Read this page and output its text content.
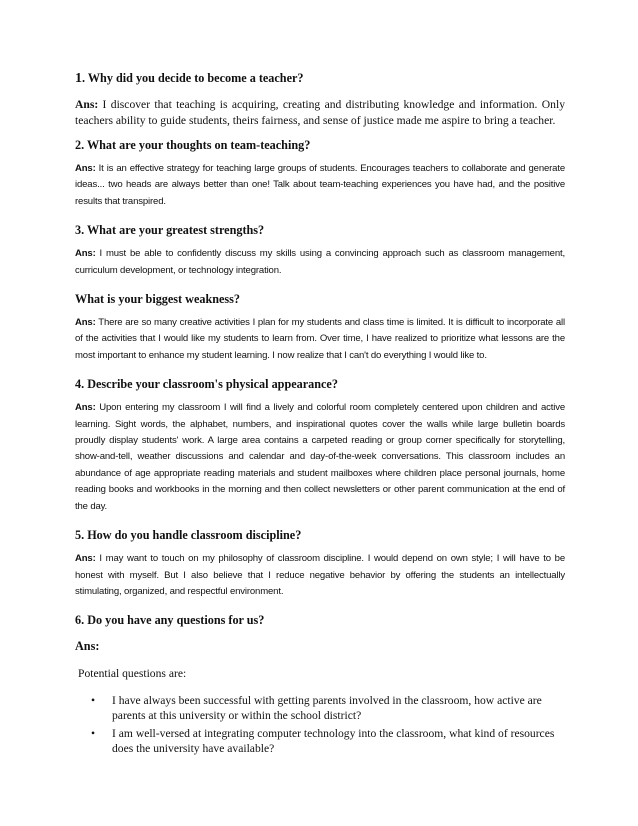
1. Why did you decide to become a teacher?

Ans: I discover that teaching is acquiring, creating and distributing knowledge and information. Only teachers ability to guide students, theirs fairness, and sense of justice made me aspire to bring a teacher.

2. What are your thoughts on team-teaching?

Ans: It is an effective strategy for teaching large groups of students. Encourages teachers to collaborate and generate ideas... two heads are always better than one! Talk about team-teaching experiences you have had, and the positive results that transpired.

3. What are your greatest strengths?

Ans: I must be able to confidently discuss my skills using a convincing approach such as classroom management, curriculum development, or technology integration.

What is your biggest weakness?

Ans: There are so many creative activities I plan for my students and class time is limited. It is difficult to incorporate all of the activities that I would like my students to learn from. Over time, I have realized to prioritize what lessons are the most important to enhance my student learning. I now realize that I can't do everything I would like to.

4. Describe your classroom's physical appearance?

Ans: Upon entering my classroom I will find a lively and colorful room completely centered upon children and active learning. Sight words, the alphabet, numbers, and inspirational quotes cover the walls while large bulletin boards proudly display students' work. A large area contains a carpeted reading or group corner specifically for storytelling, show-and-tell, weather discussions and calendar and day-of-the-week conversations. This classroom includes an abundance of age appropriate reading materials and student mailboxes where children place personal journals, home reading books and workbooks in the morning and then collect newsletters or other parent communication at the end of the day.

5. How do you handle classroom discipline?

Ans: I may want to touch on my philosophy of classroom discipline. I would depend on own style; I will have to be honest with myself. But I also believe that I reduce negative behavior by offering the students an intellectually stimulating, organized, and respectful environment.

6. Do you have any questions for us?

Ans:

Potential questions are:

• I have always been successful with getting parents involved in the classroom, how active are parents at this university or within the school district?
• I am well-versed at integrating computer technology into the classroom, what kind of resources does the university have available?
